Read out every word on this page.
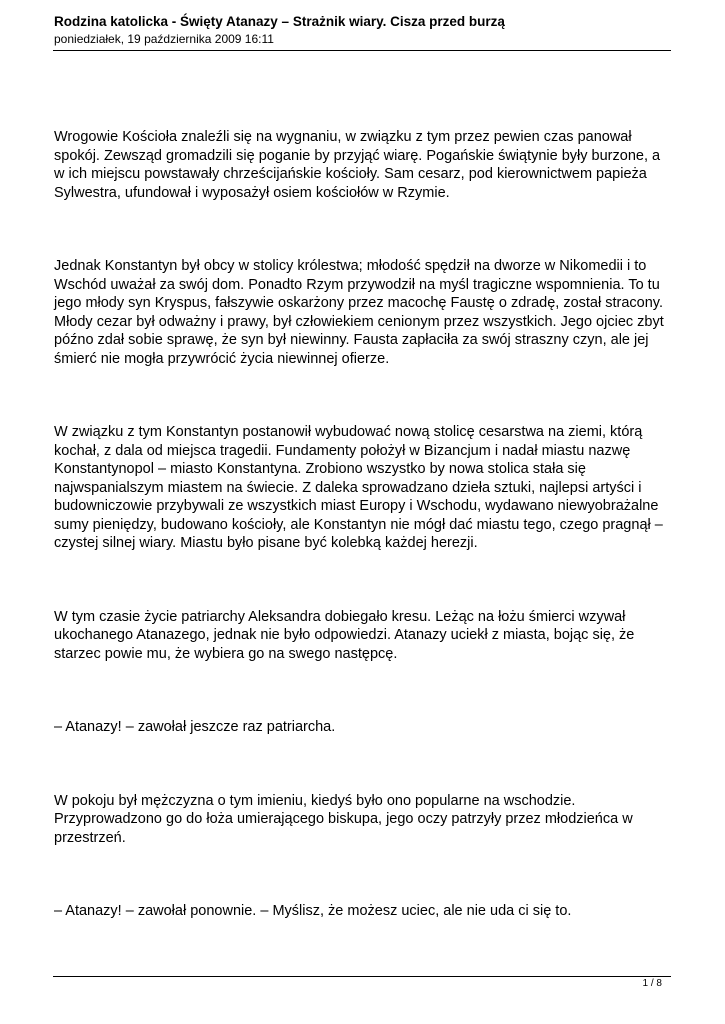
Rodzina katolicka - Święty Atanazy – Strażnik wiary. Cisza przed burzą

poniedziałek, 19 października 2009 16:11

Wrogowie Kościoła znaleźli się na wygnaniu, w związku z tym przez pewien czas panował spokój. Zewsząd gromadzili się poganie by przyjąć wiarę. Pogańskie świątynie były burzone, a w ich miejscu powstawały chrześcijańskie kościoły. Sam cesarz, pod kierownictwem papieża Sylwestra, ufundował i wyposażył osiem kościołów w Rzymie.

Jednak Konstantyn był obcy w stolicy królestwa; młodość spędził na dworze w Nikomedii i to Wschód uważał za swój dom. Ponadto Rzym przywodził na myśl tragiczne wspomnienia. To tu jego młody syn Kryspus, fałszywie oskarżony przez macochę Faustę o zdradę, został stracony. Młody cezar był odważny i prawy, był człowiekiem cenionym przez wszystkich. Jego ojciec zbyt późno zdał sobie sprawę, że syn był niewinny. Fausta zapłaciła za swój straszny czyn, ale jej śmierć nie mogła przywrócić życia niewinnej ofierze.

W związku z tym Konstantyn postanowił wybudować nową stolicę cesarstwa na ziemi, którą kochał, z dala od miejsca tragedii. Fundamenty położył w Bizancjum i nadał miastu nazwę Konstantynopol – miasto Konstantyna. Zrobiono wszystko by nowa stolica stała się najwspanialszym miastem na świecie. Z daleka sprowadzano dzieła sztuki, najlepsi artyści i budowniczowie przybywali ze wszystkich miast Europy i Wschodu, wydawano niewyobrażalne sumy pieniędzy, budowano kościoły, ale Konstantyn nie mógł dać miastu tego, czego pragnął – czystej silnej wiary. Miastu było pisane być kolebką każdej herezji.

W tym czasie życie patriarchy Aleksandra dobiegało kresu. Leżąc na łożu śmierci wzywał ukochanego Atanazego, jednak nie było odpowiedzi. Atanazy uciekł z miasta, bojąc się, że starzec powie mu, że wybiera go na swego następcę.

– Atanazy! – zawołał jeszcze raz patriarcha.

W pokoju był mężczyzna o tym imieniu, kiedyś było ono popularne na wschodzie. Przyprowadzono go do łoża umierającego biskupa, jego oczy patrzyły przez młodzieńca w przestrzeń.

– Atanazy! – zawołał ponownie. – Myślisz, że możesz uciec, ale nie uda ci się to.

1 / 8
